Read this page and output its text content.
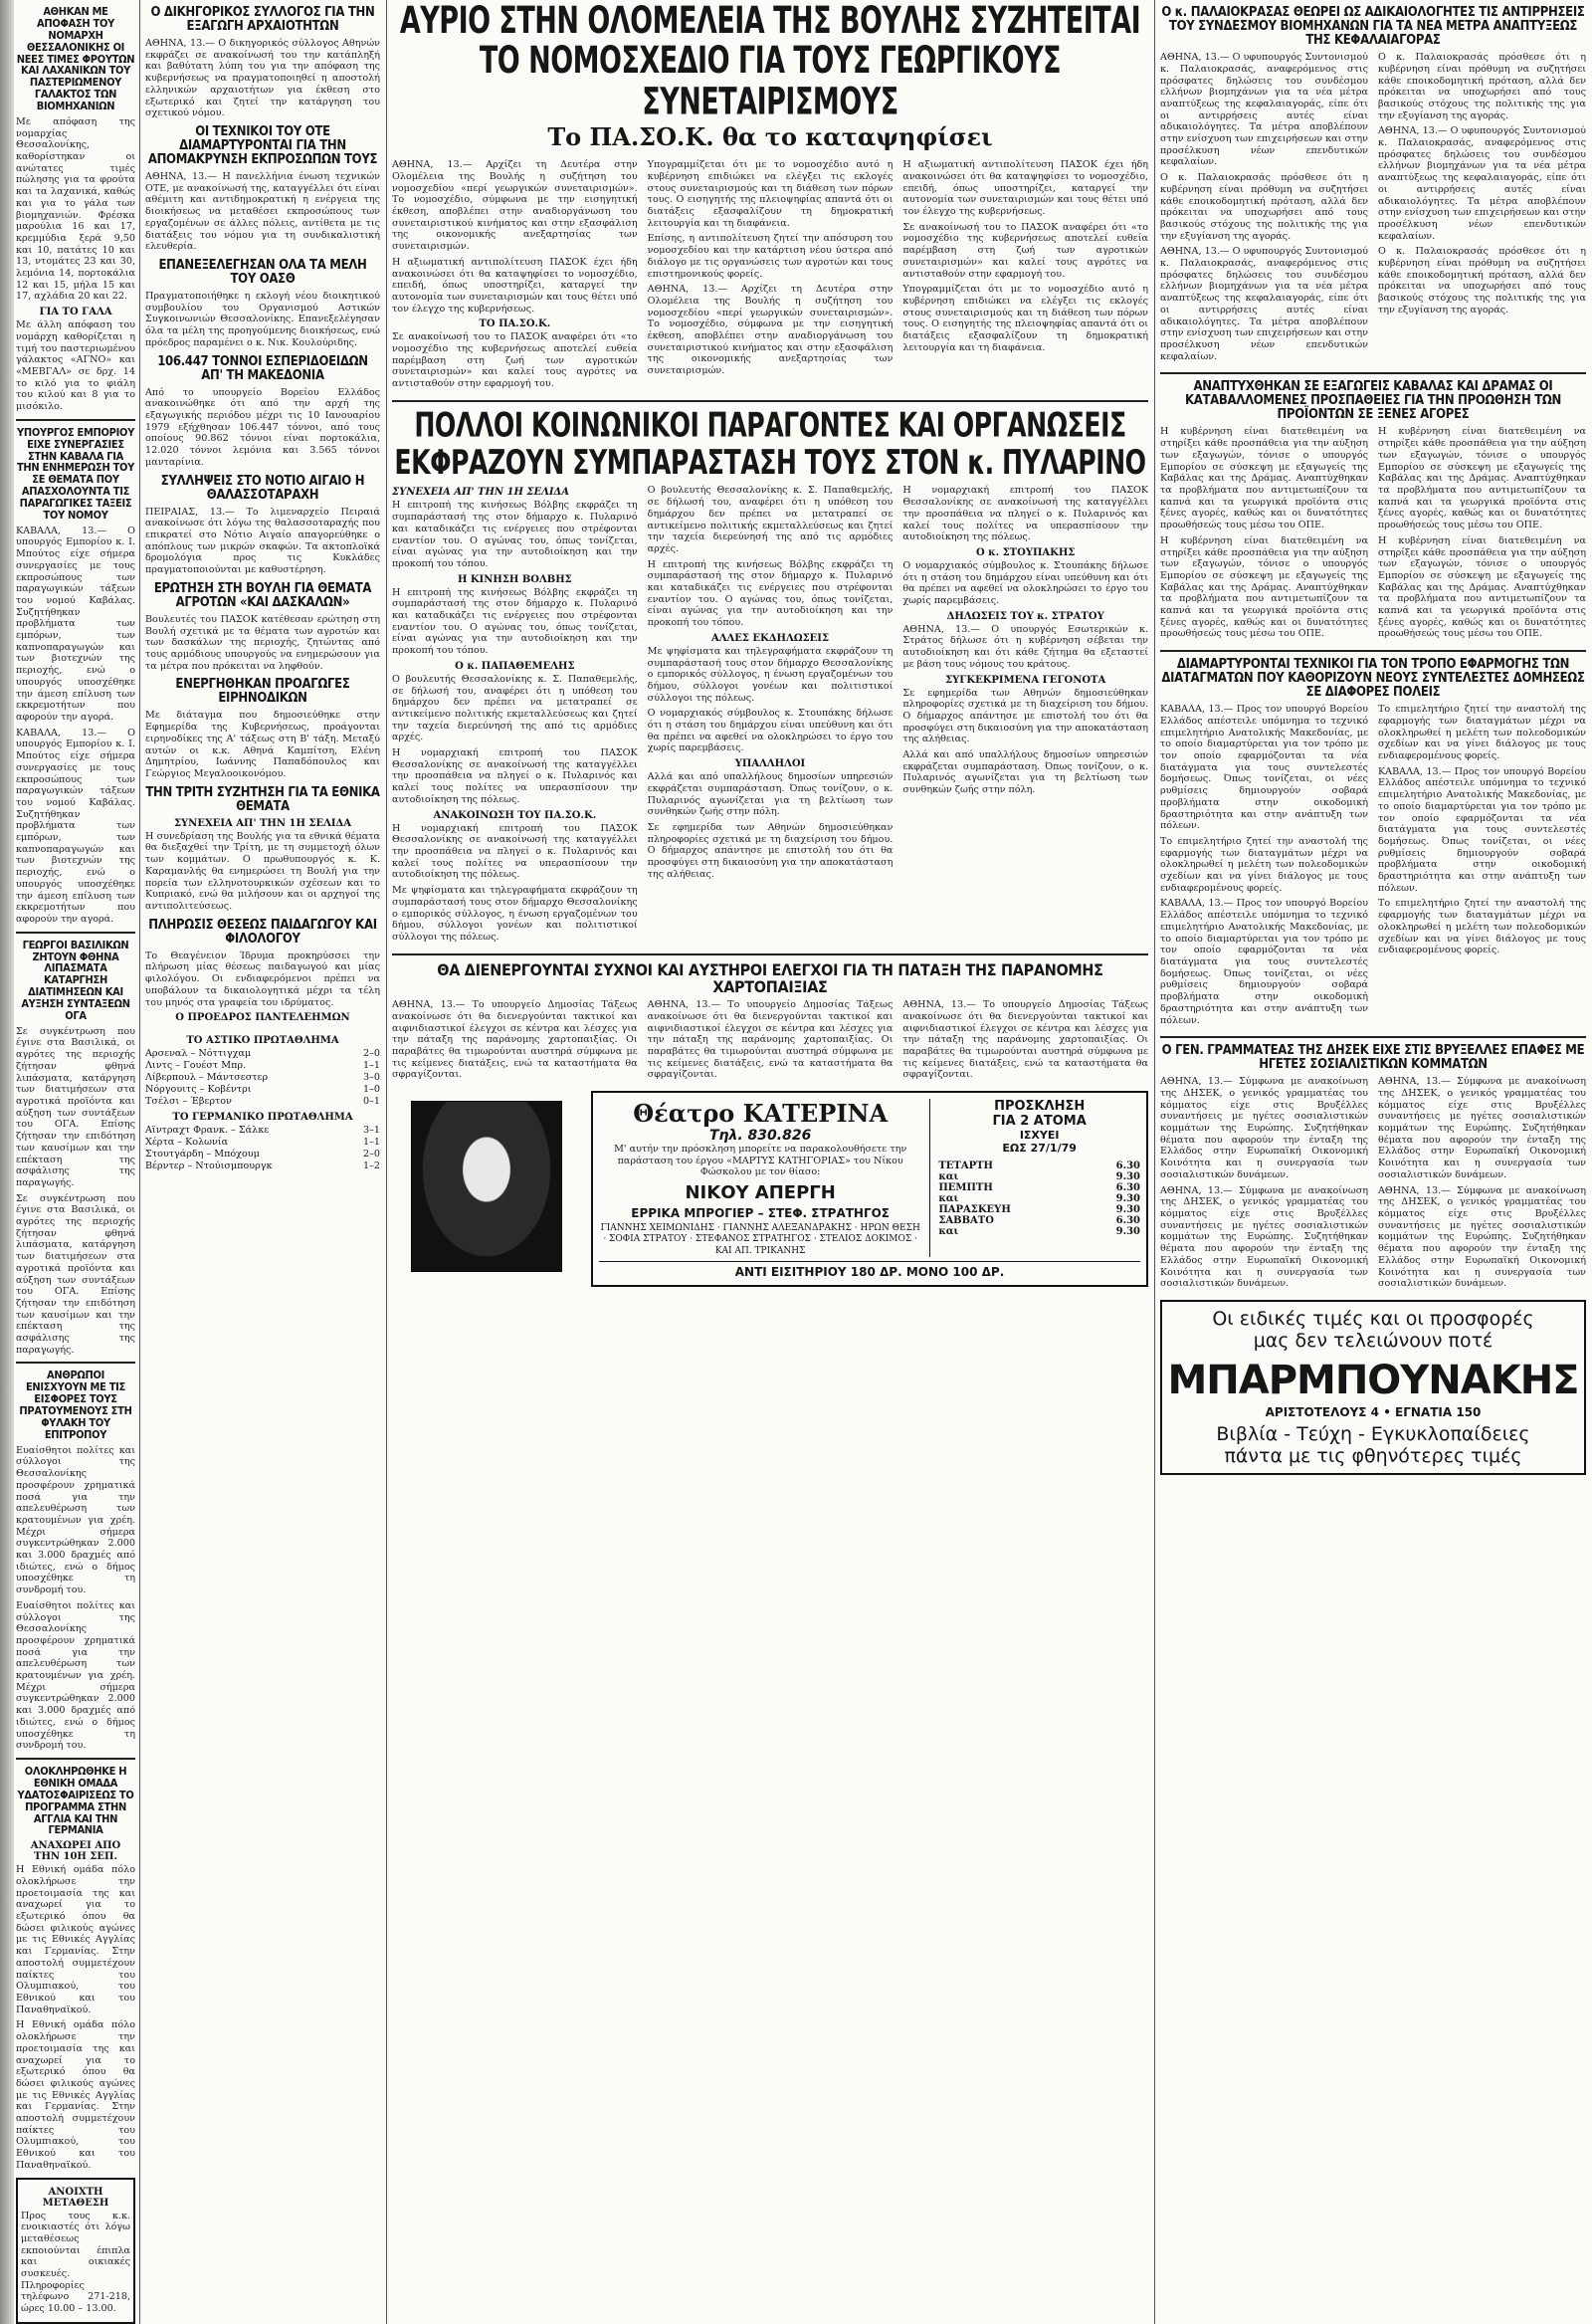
ΑΘΗΚΑΝ ΜΕ ΑΠΟΦΑΣΗ ΤΟΥ ΝΟΜΑΡΧΗ ΘΕΣΣΑΛΟΝΙΚΗΣ ΟΙ ΝΕΕΣ ΤΙΜΕΣ ΦΡΟΥΤΩΝ ΚΑΙ ΛΑΧΑΝΙΚΩΝ ΤΟΥ ΠΑΣΤΕΡΙΩΜΕΝΟΥ ΓΑΛΑΚΤΟΣ ΤΩΝ ΒΙΟΜΗΧΑΝΙΩΝ

Με απόφαση της νομαρχίας Θεσσαλονίκης, καθορίστηκαν οι ανώτατες τιμές πώλησης για τα φρούτα και τα λαχανικά, καθώς και για το γάλα των βιομηχανιών. Φρέσκα μαρούλια 16 και 17, κρεμμύδια ξερά 9,50 και 10, πατάτες 10 και 13, ντομάτες 23 και 30, λεμόνια 14, πορτοκάλια 12 και 15, μήλα 15 και 17, αχλάδια 20 και 22.

ΓΙΑ ΤΟ ΓΑΛΑ

Με άλλη απόφαση του νομάρχη καθορίζεται η τιμή του παστεριωμένου γάλακτος «ΑΓΝΟ» και «ΜΕΒΓΑΛ» σε δρχ. 14 το κιλό για το φιάλη του κιλού και 8 για το μισόκιλο.

ΥΠΟΥΡΓΟΣ ΕΜΠΟΡΙΟΥ ΕΙΧΕ ΣΥΝΕΡΓΑΣΙΕΣ ΣΤΗΝ ΚΑΒΑΛΑ ΓΙΑ ΤΗΝ ΕΝΗΜΕΡΩΣΗ ΤΟΥ ΣΕ ΘΕΜΑΤΑ ΠΟΥ ΑΠΑΣΧΟΛΟΥΝΤΑ ΤΙΣ ΠΑΡΑΓΩΓΙΚΕΣ ΤΑΞΕΙΣ ΤΟΥ ΝΟΜΟΥ

ΚΑΒΑΛΑ, 13.— Ο υπουργός Εμπορίου κ. Ι. Μπούτος είχε σήμερα συνεργασίες με τους εκπροσώπους των παραγωγικών τάξεων του νομού Καβάλας. Συζητήθηκαν προβλήματα των εμπόρων, των καπνοπαραγωγών και των βιοτεχνών της περιοχής, ενώ ο υπουργός υποσχέθηκε την άμεση επίλυση των εκκρεμοτήτων που αφορούν την αγορά.

ΚΑΒΑΛΑ, 13.— Ο υπουργός Εμπορίου κ. Ι. Μπούτος είχε σήμερα συνεργασίες με τους εκπροσώπους των παραγωγικών τάξεων του νομού Καβάλας. Συζητήθηκαν προβλήματα των εμπόρων, των καπνοπαραγωγών και των βιοτεχνών της περιοχής, ενώ ο υπουργός υποσχέθηκε την άμεση επίλυση των εκκρεμοτήτων που αφορούν την αγορά.

ΓΕΩΡΓΟΙ ΒΑΣΙΛΙΚΩΝ ΖΗΤΟΥΝ ΦΘΗΝΑ ΛΙΠΑΣΜΑΤΑ ΚΑΤΑΡΓΗΣΗ ΔΙΑΤΙΜΗΣΕΩΝ ΚΑΙ ΑΥΞΗΣΗ ΣΥΝΤΑΞΕΩΝ ΟΓΑ

Σε συγκέντρωση που έγινε στα Βασιλικά, οι αγρότες της περιοχής ζήτησαν φθηνά λιπάσματα, κατάργηση των διατιμήσεων στα αγροτικά προϊόντα και αύξηση των συντάξεων του ΟΓΑ. Επίσης ζήτησαν την επιδότηση των καυσίμων και την επέκταση της ασφάλισης της παραγωγής.

Σε συγκέντρωση που έγινε στα Βασιλικά, οι αγρότες της περιοχής ζήτησαν φθηνά λιπάσματα, κατάργηση των διατιμήσεων στα αγροτικά προϊόντα και αύξηση των συντάξεων του ΟΓΑ. Επίσης ζήτησαν την επιδότηση των καυσίμων και την επέκταση της ασφάλισης της παραγωγής.

ΑΝΘΡΩΠΟΙ ΕΝΙΣΧΥΟΥΝ ΜΕ ΤΙΣ ΕΙΣΦΟΡΕΣ ΤΟΥΣ ΠΡΑΤΟΥΜΕΝΟΥΣ ΣΤΗ ΦΥΛΑΚΗ ΤΟΥ ΕΠΙΤΡΟΠΟΥ

Ευαίσθητοι πολίτες και σύλλογοι της Θεσσαλονίκης προσφέρουν χρηματικά ποσά για την απελευθέρωση των κρατουμένων για χρέη. Μέχρι σήμερα συγκεντρώθηκαν 2.000 και 3.000 δραχμές από ιδιώτες, ενώ ο δήμος υποσχέθηκε τη συνδρομή του.

Ευαίσθητοι πολίτες και σύλλογοι της Θεσσαλονίκης προσφέρουν χρηματικά ποσά για την απελευθέρωση των κρατουμένων για χρέη. Μέχρι σήμερα συγκεντρώθηκαν 2.000 και 3.000 δραχμές από ιδιώτες, ενώ ο δήμος υποσχέθηκε τη συνδρομή του.

ΟΛΟΚΛΗΡΩΘΗΚΕ Η ΕΘΝΙΚΗ ΟΜΑΔΑ ΥΔΑΤΟΣΦΑΙΡΙΣΕΩΣ ΤΟ ΠΡΟΓΡΑΜΜΑ ΣΤΗΝ ΑΓΓΛΙΑ ΚΑΙ ΤΗΝ ΓΕΡΜΑΝΙΑ
ΑΝΑΧΩΡΕΙ ΑΠΟ ΤΗΝ 10Η ΣΕΠ.

Η Εθνική ομάδα πόλο ολοκλήρωσε την προετοιμασία της και αναχωρεί για το εξωτερικό όπου θα δώσει φιλικούς αγώνες με τις Εθνικές Αγγλίας και Γερμανίας. Στην αποστολή συμμετέχουν παίκτες του Ολυμπιακού, του Εθνικού και του Παναθηναϊκού.

Η Εθνική ομάδα πόλο ολοκλήρωσε την προετοιμασία της και αναχωρεί για το εξωτερικό όπου θα δώσει φιλικούς αγώνες με τις Εθνικές Αγγλίας και Γερμανίας. Στην αποστολή συμμετέχουν παίκτες του Ολυμπιακού, του Εθνικού και του Παναθηναϊκού.

ΑΝΟΙΧΤΗ ΜΕΤΑΘΕΣΗ

Προς τους κ.κ. ενοικιαστές ότι λόγω μεταθέσεως εκποιούνται έπιπλα και οικιακές συσκευές. Πληροφορίες τηλέφωνο 271-218, ώρες 10.00 – 13.00.

Ο ΔΙΚΗΓΟΡΙΚΟΣ ΣΥΛΛΟΓΟΣ ΓΙΑ ΤΗΝ ΕΞΑΓΩΓΗ ΑΡΧΑΙΟΤΗΤΩΝ

ΑΘΗΝΑ, 13.— Ο δικηγορικός σύλλογος Αθηνών εκφράζει σε ανακοίνωσή του την κατάπληξή και βαθύτατη λύπη του για την απόφαση της κυβερνήσεως να πραγματοποιηθεί η αποστολή ελληνικών αρχαιοτήτων για έκθεση στο εξωτερικό και ζητεί την κατάργηση του σχετικού νόμου.

ΟΙ ΤΕΧΝΙΚΟΙ ΤΟΥ ΟΤΕ ΔΙΑΜΑΡΤΥΡΟΝΤΑΙ ΓΙΑ ΤΗΝ ΑΠΟΜΑΚΡΥΝΣΗ ΕΚΠΡΟΣΩΠΩΝ ΤΟΥΣ

ΑΘΗΝΑ, 13.— Η πανελλήνια ένωση τεχνικών ΟΤΕ, με ανακοίνωσή της, καταγγέλλει ότι είναι αθέμιτη και αντιδημοκρατική η ενέργεια της διοικήσεως να μεταθέσει εκπροσώπους των εργαζομένων σε άλλες πόλεις, αντίθετα με τις διατάξεις του νόμου για τη συνδικαλιστική ελευθερία.

ΕΠΑΝΕΞΕΛΕΓΗΣΑΝ ΟΛΑ ΤΑ ΜΕΛΗ ΤΟΥ ΟΑΣΘ

Πραγματοποιήθηκε η εκλογή νέου διοικητικού συμβουλίου του Οργανισμού Αστικών Συγκοινωνιών Θεσσαλονίκης. Επανεξελέγησαν όλα τα μέλη της προηγούμενης διοικήσεως, ενώ πρόεδρος παραμένει ο κ. Νικ. Κουλούριδης.

106.447 ΤΟΝΝΟΙ ΕΣΠΕΡΙΔΟΕΙΔΩΝ ΑΠ' ΤΗ ΜΑΚΕΔΟΝΙΑ

Από το υπουργείο Βορείου Ελλάδος ανακοινώθηκε ότι από την αρχή της εξαγωγικής περιόδου μέχρι τις 10 Ιανουαρίου 1979 εξήχθησαν 106.447 τόννοι, από τους οποίους 90.862 τόννοι είναι πορτοκάλια, 12.020 τόννοι λεμόνια και 3.565 τόννοι μανταρίνια.

ΣΥΛΛΗΨΕΙΣ ΣΤΟ ΝΟΤΙΟ ΑΙΓΑΙΟ Η ΘΑΛΑΣΣΟΤΑΡΑΧΗ

ΠΕΙΡΑΙΑΣ, 13.— Το λιμεναρχείο Πειραιά ανακοίνωσε ότι λόγω της θαλασσοταραχής που επικρατεί στο Νότιο Αιγαίο απαγορεύθηκε ο απόπλους των μικρών σκαφών. Τα ακτοπλοϊκά δρομολόγια προς τις Κυκλάδες πραγματοποιούνται με καθυστέρηση.

ΕΡΩΤΗΣΗ ΣΤΗ ΒΟΥΛΗ ΓΙΑ ΘΕΜΑΤΑ ΑΓΡΟΤΩΝ «ΚΑΙ ΔΑΣΚΑΛΩΝ»

Βουλευτές του ΠΑΣΟΚ κατέθεσαν ερώτηση στη Βουλή σχετικά με τα θέματα των αγροτών και των δασκάλων της περιοχής, ζητώντας από τους αρμόδιους υπουργούς να ενημερώσουν για τα μέτρα που πρόκειται να ληφθούν.

ΕΝΕΡΓΗΘΗΚΑΝ ΠΡΟΑΓΩΓΕΣ ΕΙΡΗΝΟΔΙΚΩΝ

Με διάταγμα που δημοσιεύθηκε στην Εφημερίδα της Κυβερνήσεως, προάγονται ειρηνοδίκες της Α' τάξεως στη Β' τάξη. Μεταξύ αυτών οι κ.κ. Αθηνά Καμπίτση, Ελένη Δημητρίου, Ιωάννης Παπαδόπουλος και Γεώργιος Μεγαλοοικονόμου.

ΤΗΝ ΤΡΙΤΗ ΣΥΖΗΤΗΣΗ ΓΙΑ ΤΑ ΕΘΝΙΚΑ ΘΕΜΑΤΑ
ΣΥΝΕΧΕΙΑ ΑΠ' ΤΗΝ 1Η ΣΕΛΙΔΑ

Η συνεδρίαση της Βουλής για τα εθνικά θέματα θα διεξαχθεί την Τρίτη, με τη συμμετοχή όλων των κομμάτων. Ο πρωθυπουργός κ. Κ. Καραμανλής θα ενημερώσει τη Βουλή για την πορεία των ελληνοτουρκικών σχέσεων και το Κυπριακό, ενώ θα μιλήσουν και οι αρχηγοί της αντιπολιτεύσεως.

ΠΛΗΡΩΣΙΣ ΘΕΣΕΩΣ ΠΑΙΔΑΓΩΓΟΥ ΚΑΙ ΦΙΛΟΛΟΓΟΥ

Το Θεαγένειον Ίδρυμα προκηρύσσει την πλήρωση μίας θέσεως παιδαγωγού και μίας φιλολόγου. Οι ενδιαφερόμενοι πρέπει να υποβάλουν τα δικαιολογητικά μέχρι τα τέλη του μηνός στα γραφεία του ιδρύματος.

Ο ΠΡΟΕΔΡΟΣ ΠΑΝΤΕΛΕΗΜΩΝ
ΤΟ ΑΣΤΙΚΟ ΠΡΩΤΑΘΛΗΜΑ
Αρσεναλ – Νόττιγχαμ	2–0
Λιντς – Γουέστ Μπρ.	1–1
Λίβερπουλ – Μάντσεστερ	3–0
Νόργουιτς – Κοβέντρι	1–0
Τσέλσι – Έβερτον	0–1
ΤΟ ΓΕΡΜΑΝΙΚΟ ΠΡΩΤΑΘΛΗΜΑ
Αϊντραχτ Φρανκ. – Σάλκε	3–1
Χέρτα – Κολωνία	1–1
Στουτγάρδη – Μπόχουμ	2–0
Βέρντερ – Ντούισμπουργκ	1–2
ΑΥΡΙΟ ΣΤΗΝ ΟΛΟΜΕΛΕΙΑ ΤΗΣ ΒΟΥΛΗΣ ΣΥΖΗΤΕΙΤΑΙ ΤΟ ΝΟΜΟΣΧΕΔΙΟ ΓΙΑ ΤΟΥΣ ΓΕΩΡΓΙΚΟΥΣ ΣΥΝΕΤΑΙΡΙΣΜΟΥΣ
Το ΠΑ.ΣΟ.Κ. θα το καταψηφίσει

ΑΘΗΝΑ, 13.— Αρχίζει τη Δευτέρα στην Ολομέλεια της Βουλής η συζήτηση του νομοσχεδίου «περί γεωργικών συνεταιρισμών». Το νομοσχέδιο, σύμφωνα με την εισηγητική έκθεση, αποβλέπει στην αναδιοργάνωση του συνεταιριστικού κινήματος και στην εξασφάλιση της οικονομικής ανεξαρτησίας των συνεταιρισμών.

Η αξιωματική αντιπολίτευση ΠΑΣΟΚ έχει ήδη ανακοινώσει ότι θα καταψηφίσει το νομοσχέδιο, επειδή, όπως υποστηρίζει, καταργεί την αυτονομία των συνεταιρισμών και τους θέτει υπό τον έλεγχο της κυβερνήσεως.

ΤΟ ΠΑ.ΣΟ.Κ.

Σε ανακοίνωσή του το ΠΑΣΟΚ αναφέρει ότι «το νομοσχέδιο της κυβερνήσεως αποτελεί ευθεία παρέμβαση στη ζωή των αγροτικών συνεταιρισμών» και καλεί τους αγρότες να αντισταθούν στην εφαρμογή του.

Υπογραμμίζεται ότι με το νομοσχέδιο αυτό η κυβέρνηση επιδιώκει να ελέγξει τις εκλογές στους συνεταιρισμούς και τη διάθεση των πόρων τους. Ο εισηγητής της πλειοψηφίας απαντά ότι οι διατάξεις εξασφαλίζουν τη δημοκρατική λειτουργία και τη διαφάνεια.

Επίσης, η αντιπολίτευση ζητεί την απόσυρση του νομοσχεδίου και την κατάρτιση νέου ύστερα από διάλογο με τις οργανώσεις των αγροτών και τους επιστημονικούς φορείς.

ΑΘΗΝΑ, 13.— Αρχίζει τη Δευτέρα στην Ολομέλεια της Βουλής η συζήτηση του νομοσχεδίου «περί γεωργικών συνεταιρισμών». Το νομοσχέδιο, σύμφωνα με την εισηγητική έκθεση, αποβλέπει στην αναδιοργάνωση του συνεταιριστικού κινήματος και στην εξασφάλιση της οικονομικής ανεξαρτησίας των συνεταιρισμών.

Η αξιωματική αντιπολίτευση ΠΑΣΟΚ έχει ήδη ανακοινώσει ότι θα καταψηφίσει το νομοσχέδιο, επειδή, όπως υποστηρίζει, καταργεί την αυτονομία των συνεταιρισμών και τους θέτει υπό τον έλεγχο της κυβερνήσεως.

Σε ανακοίνωσή του το ΠΑΣΟΚ αναφέρει ότι «το νομοσχέδιο της κυβερνήσεως αποτελεί ευθεία παρέμβαση στη ζωή των αγροτικών συνεταιρισμών» και καλεί τους αγρότες να αντισταθούν στην εφαρμογή του.

Υπογραμμίζεται ότι με το νομοσχέδιο αυτό η κυβέρνηση επιδιώκει να ελέγξει τις εκλογές στους συνεταιρισμούς και τη διάθεση των πόρων τους. Ο εισηγητής της πλειοψηφίας απαντά ότι οι διατάξεις εξασφαλίζουν τη δημοκρατική λειτουργία και τη διαφάνεια.

ΠΟΛΛΟΙ ΚΟΙΝΩΝΙΚΟΙ ΠΑΡΑΓΟΝΤΕΣ ΚΑΙ ΟΡΓΑΝΩΣΕΙΣ ΕΚΦΡΑΖΟΥΝ ΣΥΜΠΑΡΑΣΤΑΣΗ ΤΟΥΣ ΣΤΟΝ κ. ΠΥΛΑΡΙΝΟ
ΣΥΝΕΧΕΙΑ ΑΠ' ΤΗΝ 1Η ΣΕΛΙΔΑ

Η επιτροπή της κινήσεως Βόλβης εκφράζει τη συμπαράστασή της στον δήμαρχο κ. Πυλαρινό και καταδικάζει τις ενέργειες που στρέφονται εναντίον του. Ο αγώνας του, όπως τονίζεται, είναι αγώνας για την αυτοδιοίκηση και την προκοπή του τόπου.

Η ΚΙΝΗΣΗ ΒΟΛΒΗΣ

Η επιτροπή της κινήσεως Βόλβης εκφράζει τη συμπαράστασή της στον δήμαρχο κ. Πυλαρινό και καταδικάζει τις ενέργειες που στρέφονται εναντίον του. Ο αγώνας του, όπως τονίζεται, είναι αγώνας για την αυτοδιοίκηση και την προκοπή του τόπου.

Ο κ. ΠΑΠΑΘΕΜΕΛΗΣ

Ο βουλευτής Θεσσαλονίκης κ. Σ. Παπαθεμελής, σε δήλωσή του, αναφέρει ότι η υπόθεση του δημάρχου δεν πρέπει να μετατραπεί σε αντικείμενο πολιτικής εκμεταλλεύσεως και ζητεί την ταχεία διερεύνησή της από τις αρμόδιες αρχές.

Η νομαρχιακή επιτροπή του ΠΑΣΟΚ Θεσσαλονίκης σε ανακοίνωσή της καταγγέλλει την προσπάθεια να πληγεί ο κ. Πυλαρινός και καλεί τους πολίτες να υπερασπίσουν την αυτοδιοίκηση της πόλεως.

ΑΝΑΚΟΙΝΩΣΗ ΤΟΥ ΠΑ.ΣΟ.Κ.

Η νομαρχιακή επιτροπή του ΠΑΣΟΚ Θεσσαλονίκης σε ανακοίνωσή της καταγγέλλει την προσπάθεια να πληγεί ο κ. Πυλαρινός και καλεί τους πολίτες να υπερασπίσουν την αυτοδιοίκηση της πόλεως.

Με ψηφίσματα και τηλεγραφήματα εκφράζουν τη συμπαράστασή τους στον δήμαρχο Θεσσαλονίκης ο εμπορικός σύλλογος, η ένωση εργαζομένων του δήμου, σύλλογοι γονέων και πολιτιστικοί σύλλογοι της πόλεως.

Ο βουλευτής Θεσσαλονίκης κ. Σ. Παπαθεμελής, σε δήλωσή του, αναφέρει ότι η υπόθεση του δημάρχου δεν πρέπει να μετατραπεί σε αντικείμενο πολιτικής εκμεταλλεύσεως και ζητεί την ταχεία διερεύνησή της από τις αρμόδιες αρχές.

Η επιτροπή της κινήσεως Βόλβης εκφράζει τη συμπαράστασή της στον δήμαρχο κ. Πυλαρινό και καταδικάζει τις ενέργειες που στρέφονται εναντίον του. Ο αγώνας του, όπως τονίζεται, είναι αγώνας για την αυτοδιοίκηση και την προκοπή του τόπου.

ΑΛΛΕΣ ΕΚΔΗΛΩΣΕΙΣ

Με ψηφίσματα και τηλεγραφήματα εκφράζουν τη συμπαράστασή τους στον δήμαρχο Θεσσαλονίκης ο εμπορικός σύλλογος, η ένωση εργαζομένων του δήμου, σύλλογοι γονέων και πολιτιστικοί σύλλογοι της πόλεως.

Ο νομαρχιακός σύμβουλος κ. Στουπάκης δήλωσε ότι η στάση του δημάρχου είναι υπεύθυνη και ότι θα πρέπει να αφεθεί να ολοκληρώσει το έργο του χωρίς παρεμβάσεις.

ΥΠΑΛΛΗΛΟΙ

Αλλά και από υπαλλήλους δημοσίων υπηρεσιών εκφράζεται συμπαράσταση. Όπως τονίζουν, ο κ. Πυλαρινός αγωνίζεται για τη βελτίωση των συνθηκών ζωής στην πόλη.

Σε εφημερίδα των Αθηνών δημοσιεύθηκαν πληροφορίες σχετικά με τη διαχείριση του δήμου. Ο δήμαρχος απάντησε με επιστολή του ότι θα προσφύγει στη δικαιοσύνη για την αποκατάσταση της αλήθειας.

Η νομαρχιακή επιτροπή του ΠΑΣΟΚ Θεσσαλονίκης σε ανακοίνωσή της καταγγέλλει την προσπάθεια να πληγεί ο κ. Πυλαρινός και καλεί τους πολίτες να υπερασπίσουν την αυτοδιοίκηση της πόλεως.

Ο κ. ΣΤΟΥΠΑΚΗΣ

Ο νομαρχιακός σύμβουλος κ. Στουπάκης δήλωσε ότι η στάση του δημάρχου είναι υπεύθυνη και ότι θα πρέπει να αφεθεί να ολοκληρώσει το έργο του χωρίς παρεμβάσεις.

ΔΗΛΩΣΕΙΣ ΤΟΥ κ. ΣΤΡΑΤΟΥ

ΑΘΗΝΑ, 13.— Ο υπουργός Εσωτερικών κ. Στράτος δήλωσε ότι η κυβέρνηση σέβεται την αυτοδιοίκηση και ότι κάθε ζήτημα θα εξεταστεί με βάση τους νόμους του κράτους.

ΣΥΓΚΕΚΡΙΜΕΝΑ ΓΕΓΟΝΟΤΑ

Σε εφημερίδα των Αθηνών δημοσιεύθηκαν πληροφορίες σχετικά με τη διαχείριση του δήμου. Ο δήμαρχος απάντησε με επιστολή του ότι θα προσφύγει στη δικαιοσύνη για την αποκατάσταση της αλήθειας.

Αλλά και από υπαλλήλους δημοσίων υπηρεσιών εκφράζεται συμπαράσταση. Όπως τονίζουν, ο κ. Πυλαρινός αγωνίζεται για τη βελτίωση των συνθηκών ζωής στην πόλη.

ΘΑ ΔΙΕΝΕΡΓΟΥΝΤΑΙ ΣΥΧΝΟΙ ΚΑΙ ΑΥΣΤΗΡΟΙ ΕΛΕΓΧΟΙ ΓΙΑ ΤΗ ΠΑΤΑΞΗ ΤΗΣ ΠΑΡΑΝΟΜΗΣ ΧΑΡΤΟΠΑΙΞΙΑΣ

ΑΘΗΝΑ, 13.— Το υπουργείο Δημοσίας Τάξεως ανακοίνωσε ότι θα διενεργούνται τακτικοί και αιφνιδιαστικοί έλεγχοι σε κέντρα και λέσχες για την πάταξη της παράνομης χαρτοπαιξίας. Οι παραβάτες θα τιμωρούνται αυστηρά σύμφωνα με τις κείμενες διατάξεις, ενώ τα καταστήματα θα σφραγίζονται.

ΑΘΗΝΑ, 13.— Το υπουργείο Δημοσίας Τάξεως ανακοίνωσε ότι θα διενεργούνται τακτικοί και αιφνιδιαστικοί έλεγχοι σε κέντρα και λέσχες για την πάταξη της παράνομης χαρτοπαιξίας. Οι παραβάτες θα τιμωρούνται αυστηρά σύμφωνα με τις κείμενες διατάξεις, ενώ τα καταστήματα θα σφραγίζονται.

ΑΘΗΝΑ, 13.— Το υπουργείο Δημοσίας Τάξεως ανακοίνωσε ότι θα διενεργούνται τακτικοί και αιφνιδιαστικοί έλεγχοι σε κέντρα και λέσχες για την πάταξη της παράνομης χαρτοπαιξίας. Οι παραβάτες θα τιμωρούνται αυστηρά σύμφωνα με τις κείμενες διατάξεις, ενώ τα καταστήματα θα σφραγίζονται.

Θέατρο ΚΑΤΕΡΙΝΑ
Τηλ. 830.826

Μ' αυτήν την πρόσκληση μπορείτε να παρακολουθήσετε την παράσταση του έργου «ΜΑΡΤΥΣ ΚΑΤΗΓΟΡΙΑΣ» του Νίκου Φώσκολου με τον θίασο:

ΝΙΚΟΥ ΑΠΕΡΓΗ
ΕΡΡΙΚΑ ΜΠΡΟΓΙΕΡ – ΣΤΕΦ. ΣΤΡΑΤΗΓΟΣ
ΓΙΑΝΝΗΣ ΧΕΙΜΩΝΙΔΗΣ · ΓΙΑΝΝΗΣ ΑΛΕΞΑΝΔΡΑΚΗΣ · ΗΡΩΝ ΘΕΣΗ · ΣΟΦΙΑ ΣΤΡΑΤΟΥ · ΣΤΕΦΑΝΟΣ ΣΤΡΑΤΗΓΟΣ · ΣΤΕΛΙΟΣ ΔΟΚΙΜΟΣ · ΚΑΙ ΑΠ. ΤΡΙΚΑΝΗΣ
ΠΡΟΣΚΛΗΣΗ
ΓΙΑ 2 ΑΤΟΜΑ
ΙΣΧΥΕΙ
ΕΩΣ 27/1/79
ΤΕΤΑΡΤΗ	6.30
και	9.30
ΠΕΜΠΤΗ	6.30
και	9.30
ΠΑΡΑΣΚΕΥΗ	9.30
ΣΑΒΒΑΤΟ	6.30
και	9.30
ΑΝΤΙ ΕΙΣΙΤΗΡΙΟΥ 180 ΔΡ. ΜΟΝΟ 100 ΔΡ.
Ο κ. ΠΑΛΑΙΟΚΡΑΣΑΣ ΘΕΩΡΕΙ ΩΣ ΑΔΙΚΑΙΟΛΟΓΗΤΕΣ ΤΙΣ ΑΝΤΙΡΡΗΣΕΙΣ ΤΟΥ ΣΥΝΔΕΣΜΟΥ ΒΙΟΜΗΧΑΝΩΝ ΓΙΑ ΤΑ ΝΕΑ ΜΕΤΡΑ ΑΝΑΠΤΥΞΕΩΣ ΤΗΣ ΚΕΦΑΛΑΙΑΓΟΡΑΣ

ΑΘΗΝΑ, 13.— Ο υφυπουργός Συντονισμού κ. Παλαιοκρασάς, αναφερόμενος στις πρόσφατες δηλώσεις του συνδέσμου ελλήνων βιομηχάνων για τα νέα μέτρα αναπτύξεως της κεφαλαιαγοράς, είπε ότι οι αντιρρήσεις αυτές είναι αδικαιολόγητες. Τα μέτρα αποβλέπουν στην ενίσχυση των επιχειρήσεων και στην προσέλκυση νέων επενδυτικών κεφαλαίων.

Ο κ. Παλαιοκρασάς πρόσθεσε ότι η κυβέρνηση είναι πρόθυμη να συζητήσει κάθε εποικοδομητική πρόταση, αλλά δεν πρόκειται να υποχωρήσει από τους βασικούς στόχους της πολιτικής της για την εξυγίανση της αγοράς.

ΑΘΗΝΑ, 13.— Ο υφυπουργός Συντονισμού κ. Παλαιοκρασάς, αναφερόμενος στις πρόσφατες δηλώσεις του συνδέσμου ελλήνων βιομηχάνων για τα νέα μέτρα αναπτύξεως της κεφαλαιαγοράς, είπε ότι οι αντιρρήσεις αυτές είναι αδικαιολόγητες. Τα μέτρα αποβλέπουν στην ενίσχυση των επιχειρήσεων και στην προσέλκυση νέων επενδυτικών κεφαλαίων.

Ο κ. Παλαιοκρασάς πρόσθεσε ότι η κυβέρνηση είναι πρόθυμη να συζητήσει κάθε εποικοδομητική πρόταση, αλλά δεν πρόκειται να υποχωρήσει από τους βασικούς στόχους της πολιτικής της για την εξυγίανση της αγοράς.

ΑΘΗΝΑ, 13.— Ο υφυπουργός Συντονισμού κ. Παλαιοκρασάς, αναφερόμενος στις πρόσφατες δηλώσεις του συνδέσμου ελλήνων βιομηχάνων για τα νέα μέτρα αναπτύξεως της κεφαλαιαγοράς, είπε ότι οι αντιρρήσεις αυτές είναι αδικαιολόγητες. Τα μέτρα αποβλέπουν στην ενίσχυση των επιχειρήσεων και στην προσέλκυση νέων επενδυτικών κεφαλαίων.

Ο κ. Παλαιοκρασάς πρόσθεσε ότι η κυβέρνηση είναι πρόθυμη να συζητήσει κάθε εποικοδομητική πρόταση, αλλά δεν πρόκειται να υποχωρήσει από τους βασικούς στόχους της πολιτικής της για την εξυγίανση της αγοράς.

ΑΝΑΠΤΥΧΘΗΚΑΝ ΣΕ ΕΞΑΓΩΓΕΙΣ ΚΑΒΑΛΑΣ ΚΑΙ ΔΡΑΜΑΣ ΟΙ ΚΑΤΑΒΑΛΛΟΜΕΝΕΣ ΠΡΟΣΠΑΘΕΙΕΣ ΓΙΑ ΤΗΝ ΠΡΟΩΘΗΣΗ ΤΩΝ ΠΡΟΪΟΝΤΩΝ ΣΕ ΞΕΝΕΣ ΑΓΟΡΕΣ

Η κυβέρνηση είναι διατεθειμένη να στηρίξει κάθε προσπάθεια για την αύξηση των εξαγωγών, τόνισε ο υπουργός Εμπορίου σε σύσκεψη με εξαγωγείς της Καβάλας και της Δράμας. Αναπτύχθηκαν τα προβλήματα που αντιμετωπίζουν τα καπνά και τα γεωργικά προϊόντα στις ξένες αγορές, καθώς και οι δυνατότητες προωθήσεώς τους μέσω του ΟΠΕ.

Η κυβέρνηση είναι διατεθειμένη να στηρίξει κάθε προσπάθεια για την αύξηση των εξαγωγών, τόνισε ο υπουργός Εμπορίου σε σύσκεψη με εξαγωγείς της Καβάλας και της Δράμας. Αναπτύχθηκαν τα προβλήματα που αντιμετωπίζουν τα καπνά και τα γεωργικά προϊόντα στις ξένες αγορές, καθώς και οι δυνατότητες προωθήσεώς τους μέσω του ΟΠΕ.

Η κυβέρνηση είναι διατεθειμένη να στηρίξει κάθε προσπάθεια για την αύξηση των εξαγωγών, τόνισε ο υπουργός Εμπορίου σε σύσκεψη με εξαγωγείς της Καβάλας και της Δράμας. Αναπτύχθηκαν τα προβλήματα που αντιμετωπίζουν τα καπνά και τα γεωργικά προϊόντα στις ξένες αγορές, καθώς και οι δυνατότητες προωθήσεώς τους μέσω του ΟΠΕ.

Η κυβέρνηση είναι διατεθειμένη να στηρίξει κάθε προσπάθεια για την αύξηση των εξαγωγών, τόνισε ο υπουργός Εμπορίου σε σύσκεψη με εξαγωγείς της Καβάλας και της Δράμας. Αναπτύχθηκαν τα προβλήματα που αντιμετωπίζουν τα καπνά και τα γεωργικά προϊόντα στις ξένες αγορές, καθώς και οι δυνατότητες προωθήσεώς τους μέσω του ΟΠΕ.

ΔΙΑΜΑΡΤΥΡΟΝΤΑΙ ΤΕΧΝΙΚΟΙ ΓΙΑ ΤΟΝ ΤΡΟΠΟ ΕΦΑΡΜΟΓΗΣ ΤΩΝ ΔΙΑΤΑΓΜΑΤΩΝ ΠΟΥ ΚΑΘΟΡΙΖΟΥΝ ΝΕΟΥΣ ΣΥΝΤΕΛΕΣΤΕΣ ΔΟΜΗΣΕΩΣ ΣΕ ΔΙΑΦΟΡΕΣ ΠΟΛΕΙΣ

ΚΑΒΑΛΑ, 13.— Προς τον υπουργό Βορείου Ελλάδος απέστειλε υπόμνημα το τεχνικό επιμελητήριο Ανατολικής Μακεδονίας, με το οποίο διαμαρτύρεται για τον τρόπο με τον οποίο εφαρμόζονται τα νέα διατάγματα για τους συντελεστές δομήσεως. Όπως τονίζεται, οι νέες ρυθμίσεις δημιουργούν σοβαρά προβλήματα στην οικοδομική δραστηριότητα και στην ανάπτυξη των πόλεων.

Το επιμελητήριο ζητεί την αναστολή της εφαρμογής των διαταγμάτων μέχρι να ολοκληρωθεί η μελέτη των πολεοδομικών σχεδίων και να γίνει διάλογος με τους ενδιαφερομένους φορείς.

ΚΑΒΑΛΑ, 13.— Προς τον υπουργό Βορείου Ελλάδος απέστειλε υπόμνημα το τεχνικό επιμελητήριο Ανατολικής Μακεδονίας, με το οποίο διαμαρτύρεται για τον τρόπο με τον οποίο εφαρμόζονται τα νέα διατάγματα για τους συντελεστές δομήσεως. Όπως τονίζεται, οι νέες ρυθμίσεις δημιουργούν σοβαρά προβλήματα στην οικοδομική δραστηριότητα και στην ανάπτυξη των πόλεων.

Το επιμελητήριο ζητεί την αναστολή της εφαρμογής των διαταγμάτων μέχρι να ολοκληρωθεί η μελέτη των πολεοδομικών σχεδίων και να γίνει διάλογος με τους ενδιαφερομένους φορείς.

ΚΑΒΑΛΑ, 13.— Προς τον υπουργό Βορείου Ελλάδος απέστειλε υπόμνημα το τεχνικό επιμελητήριο Ανατολικής Μακεδονίας, με το οποίο διαμαρτύρεται για τον τρόπο με τον οποίο εφαρμόζονται τα νέα διατάγματα για τους συντελεστές δομήσεως. Όπως τονίζεται, οι νέες ρυθμίσεις δημιουργούν σοβαρά προβλήματα στην οικοδομική δραστηριότητα και στην ανάπτυξη των πόλεων.

Το επιμελητήριο ζητεί την αναστολή της εφαρμογής των διαταγμάτων μέχρι να ολοκληρωθεί η μελέτη των πολεοδομικών σχεδίων και να γίνει διάλογος με τους ενδιαφερομένους φορείς.

Ο ΓΕΝ. ΓΡΑΜΜΑΤΕΑΣ ΤΗΣ ΔΗΣΕΚ ΕΙΧΕ ΣΤΙΣ ΒΡΥΞΕΛΛΕΣ ΕΠΑΦΕΣ ΜΕ ΗΓΕΤΕΣ ΣΟΣΙΑΛΙΣΤΙΚΩΝ ΚΟΜΜΑΤΩΝ

ΑΘΗΝΑ, 13.— Σύμφωνα με ανακοίνωση της ΔΗΣΕΚ, ο γενικός γραμματέας του κόμματος είχε στις Βρυξέλλες συναντήσεις με ηγέτες σοσιαλιστικών κομμάτων της Ευρώπης. Συζητήθηκαν θέματα που αφορούν την ένταξη της Ελλάδος στην Ευρωπαϊκή Οικονομική Κοινότητα και η συνεργασία των σοσιαλιστικών δυνάμεων.

ΑΘΗΝΑ, 13.— Σύμφωνα με ανακοίνωση της ΔΗΣΕΚ, ο γενικός γραμματέας του κόμματος είχε στις Βρυξέλλες συναντήσεις με ηγέτες σοσιαλιστικών κομμάτων της Ευρώπης. Συζητήθηκαν θέματα που αφορούν την ένταξη της Ελλάδος στην Ευρωπαϊκή Οικονομική Κοινότητα και η συνεργασία των σοσιαλιστικών δυνάμεων.

ΑΘΗΝΑ, 13.— Σύμφωνα με ανακοίνωση της ΔΗΣΕΚ, ο γενικός γραμματέας του κόμματος είχε στις Βρυξέλλες συναντήσεις με ηγέτες σοσιαλιστικών κομμάτων της Ευρώπης. Συζητήθηκαν θέματα που αφορούν την ένταξη της Ελλάδος στην Ευρωπαϊκή Οικονομική Κοινότητα και η συνεργασία των σοσιαλιστικών δυνάμεων.

ΑΘΗΝΑ, 13.— Σύμφωνα με ανακοίνωση της ΔΗΣΕΚ, ο γενικός γραμματέας του κόμματος είχε στις Βρυξέλλες συναντήσεις με ηγέτες σοσιαλιστικών κομμάτων της Ευρώπης. Συζητήθηκαν θέματα που αφορούν την ένταξη της Ελλάδος στην Ευρωπαϊκή Οικονομική Κοινότητα και η συνεργασία των σοσιαλιστικών δυνάμεων.

Οι ειδικές τιμές και οι προσφορές
μας δεν τελειώνουν ποτέ
ΜΠΑΡΜΠΟΥΝΑΚΗΣ
ΑΡΙΣΤΟΤΕΛΟΥΣ 4 • ΕΓΝΑΤΙΑ 150
Βιβλία - Τεύχη - Εγκυκλοπαίδειες
πάντα με τις φθηνότερες τιμές
